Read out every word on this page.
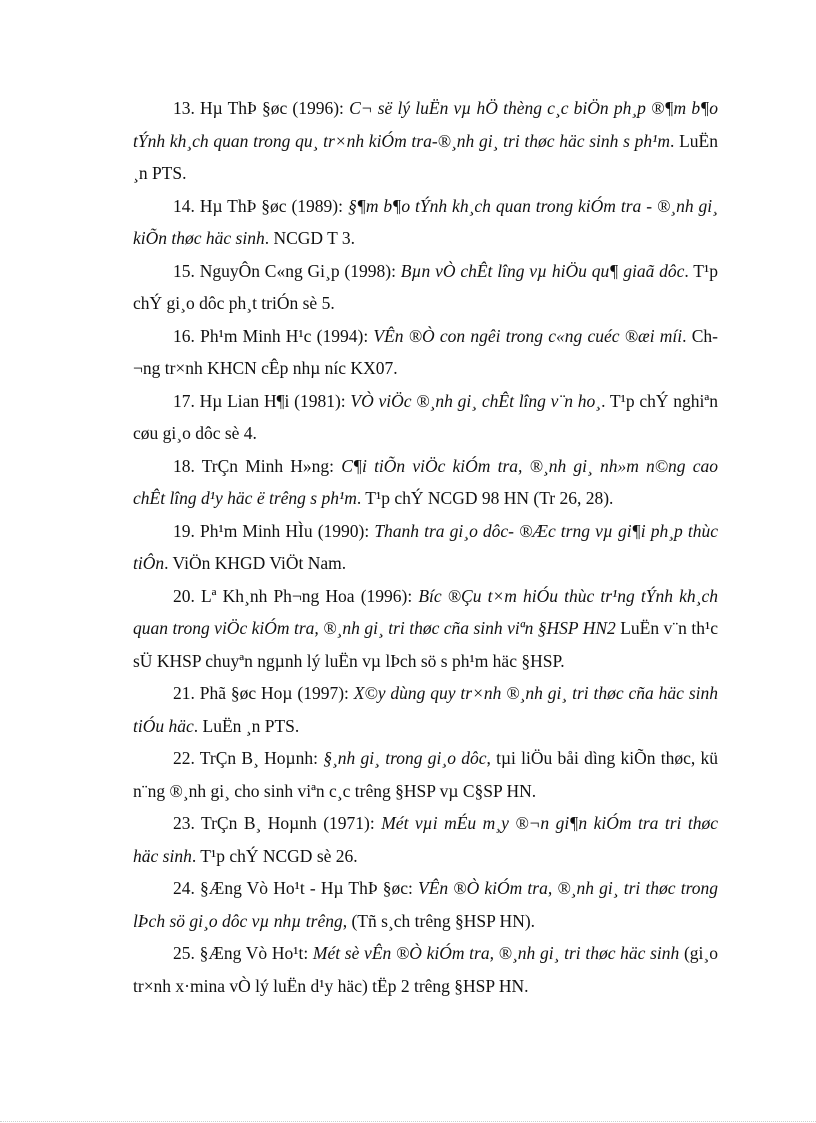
13. Hµ ThÞ §øc (1996): C¬ së lý luËn vµ hÖ thèng c¸c biÖn ph¸p ®¶m b¶o tÝnh kh¸ch quan trong qu¸ tr×nh kiÓm tra-®¸nh gi¸ tri thøc häc sinh s ph¹m. LuËn ¸n PTS.

14. Hµ ThÞ §øc (1989): §¶m b¶o tÝnh kh¸ch quan trong kiÓm tra - ®¸nh gi¸ kiÕn thøc häc sinh. NCGD T 3.

15. NguyÔn C«ng Gi¸p (1998): Bµn vÒ chÊt lîng vµ hiÖu qu¶ giaã dôc. T¹p chÝ gi¸o dôc ph¸t triÓn sè 5.

16. Ph¹m Minh H¹c (1994): VÊn ®Ò con ngêi trong c«ng cuéc ®æi míi. Ch¬ng tr×nh KHCN cÊp nhµ níc KX07.

17. Hµ Lian H¶i (1981): VÒ viÖc ®¸nh gi¸ chÊt lîng v¨n ho¸. T¹p chÝ nghiªn cøu gi¸o dôc sè 4.

18. TrÇn Minh H»ng: C¶i tiÕn viÖc kiÓm tra, ®¸nh gi¸ nh»m n©ng cao chÊt lîng d¹y häc ë trêng s ph¹m. T¹p chÝ NCGD 98 HN (Tr 26, 28).

19. Ph¹m Minh HÌu (1990): Thanh tra gi¸o dôc- ®Æc trng vµ gi¶i ph¸p thùc tiÔn. ViÖn KHGD ViÖt Nam.

20. Lª Kh¸nh Ph¬ng Hoa (1996): Bíc ®Çu t×m hiÓu thùc tr¹ng tÝnh kh¸ch quan trong viÖc kiÓm tra, ®¸nh gi¸ tri thøc cña sinh viªn §HSP HN2 LuËn v¨n th¹c sÜ KHSP chuyªn ngµnh lý luËn vµ lÞch sö s ph¹m häc §HSP.

21. Phã §øc Hoµ (1997): X©y dùng quy tr×nh ®¸nh gi¸ tri thøc cña häc sinh tiÓu häc. LuËn ¸n PTS.

22. TrÇn B¸ Hoµnh: §¸nh gi¸ trong gi¸o dôc, tµi liÖu båi dìng kiÕn thøc, kü n¨ng ®¸nh gi¸ cho sinh viªn c¸c trêng §HSP vµ C§SP HN.

23. TrÇn B¸ Hoµnh (1971): Mét vµi mÉu m¸y ®¬n gi¶n kiÓm tra tri thøc häc sinh. T¹p chÝ NCGD sè 26.

24. §Æng Vò Ho¹t - Hµ ThÞ §øc: VÊn ®Ò kiÓm tra, ®¸nh gi¸ tri thøc trong lÞch sö gi¸o dôc vµ nhµ trêng, (Tñ s¸ch trêng §HSP HN).

25. §Æng Vò Ho¹t: Mét sè vÊn ®Ò kiÓm tra, ®¸nh gi¸ tri thøc häc sinh (gi¸o tr×nh x·mina vÒ lý luËn d¹y häc) tËp 2 trêng §HSP HN.
